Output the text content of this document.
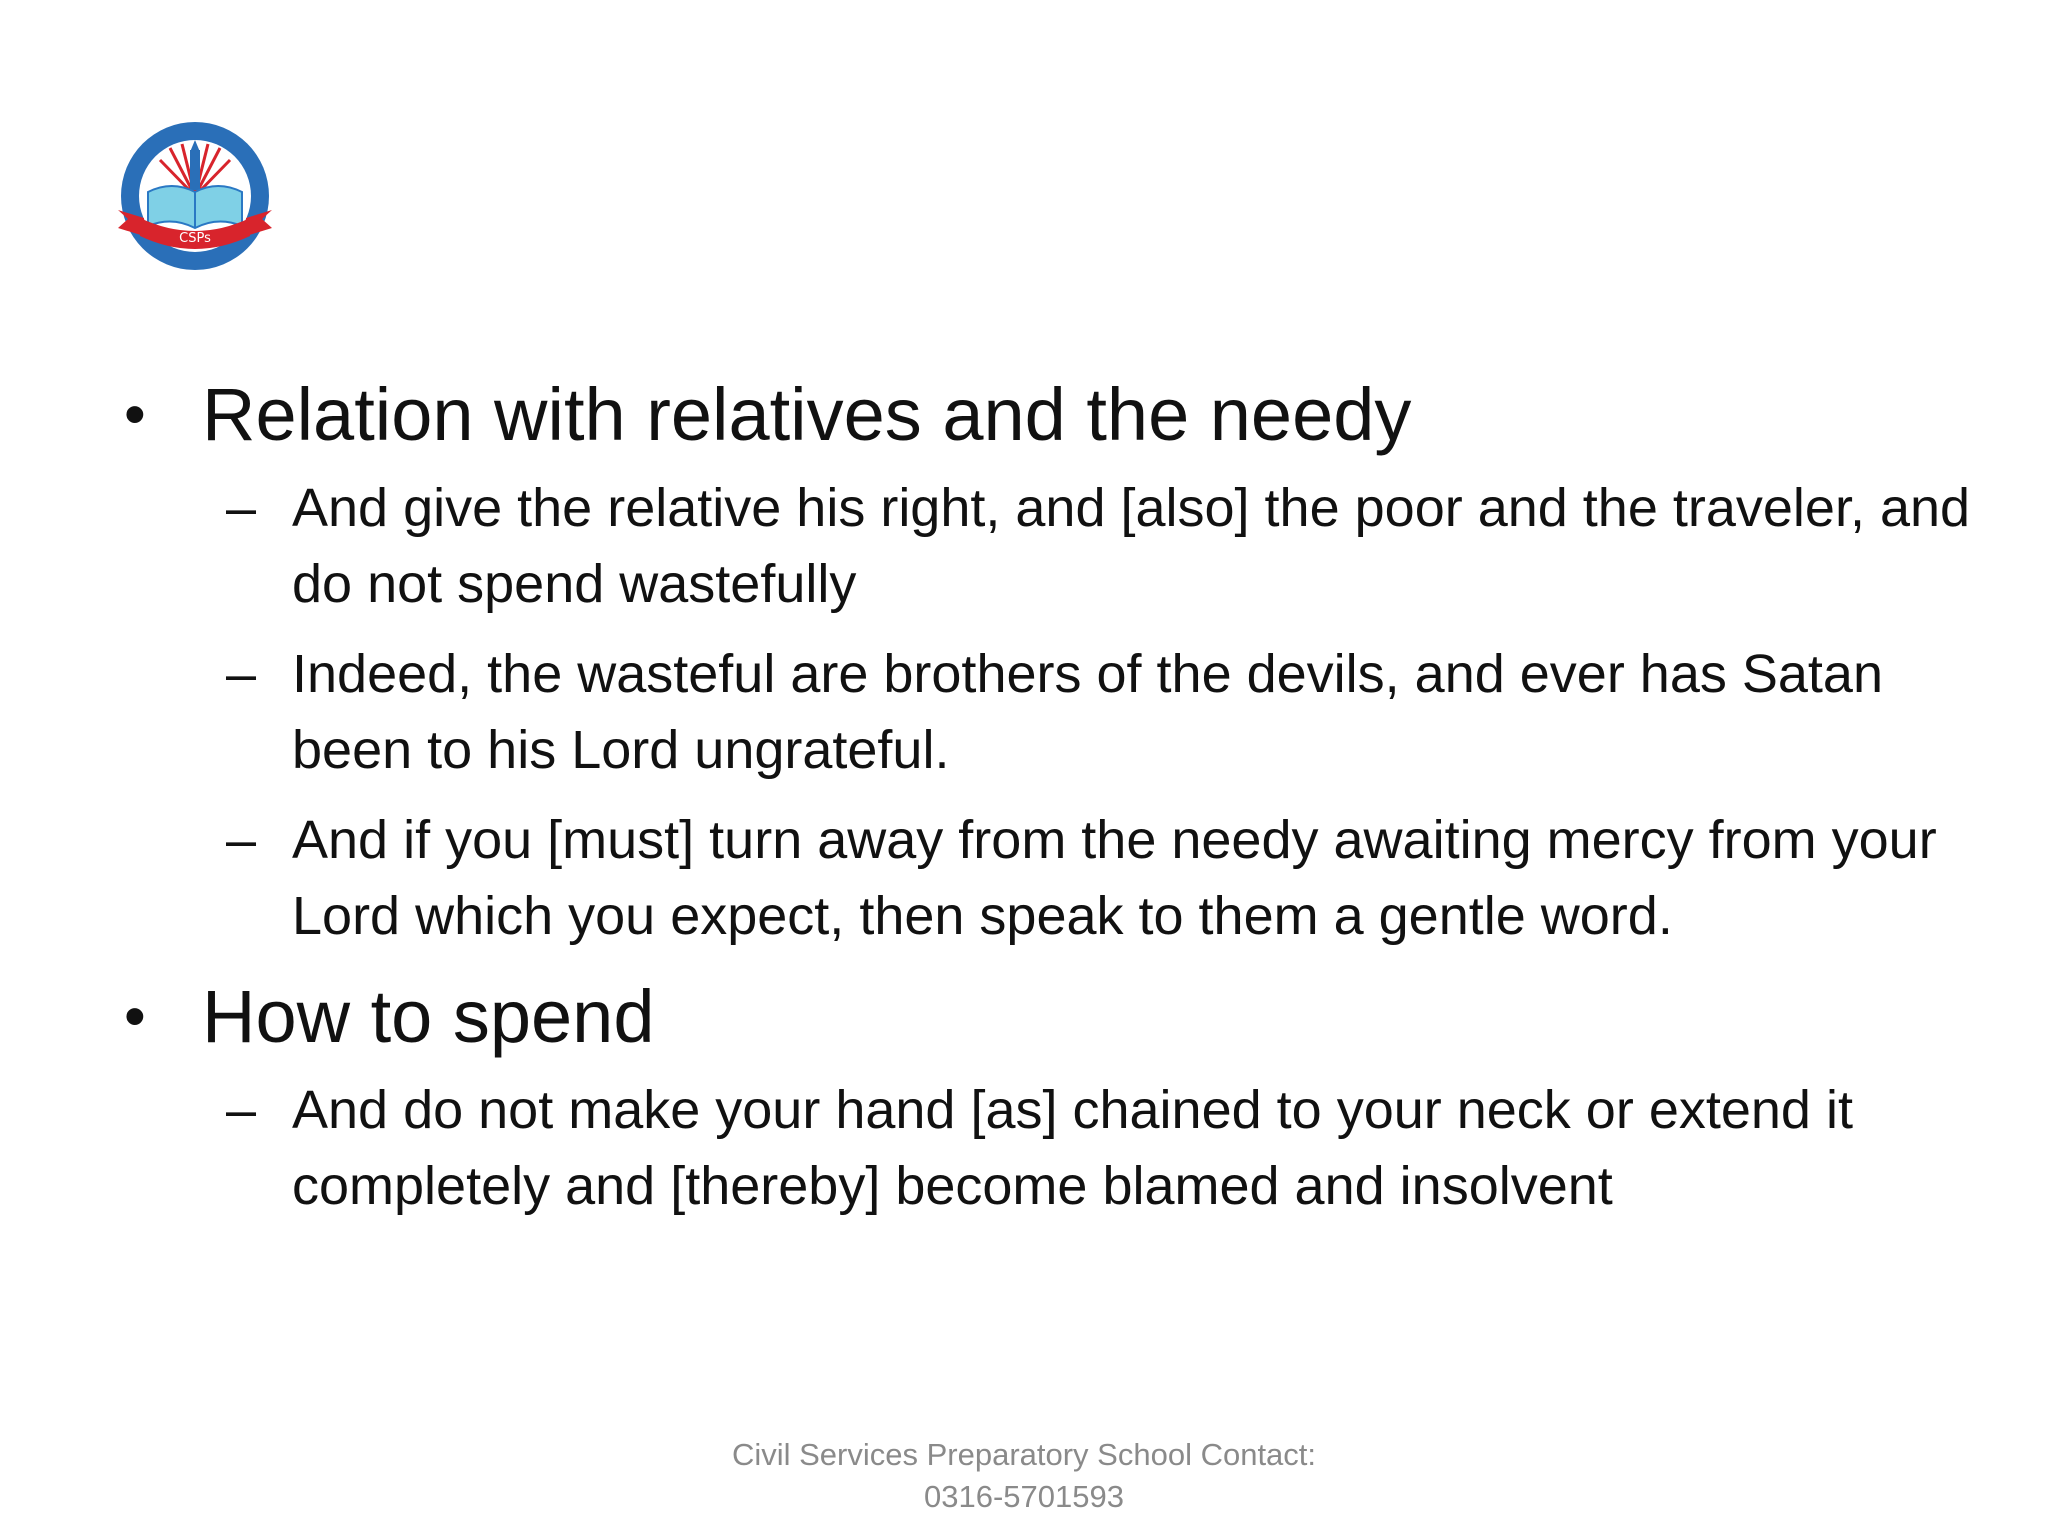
CSPs
• Relation with relatives and the needy
– And give the relative his right, and [also] the poor and the traveler, and do not spend wastefully
– Indeed, the wasteful are brothers of the devils, and ever has Satan been to his Lord ungrateful.
– And if you [must] turn away from the needy awaiting mercy from your Lord which you expect, then speak to them a gentle word.
• How to spend
– And do not make your hand [as] chained to your neck or extend it completely and [thereby] become blamed and insolvent
Civil Services Preparatory School Contact:
0316-5701593
